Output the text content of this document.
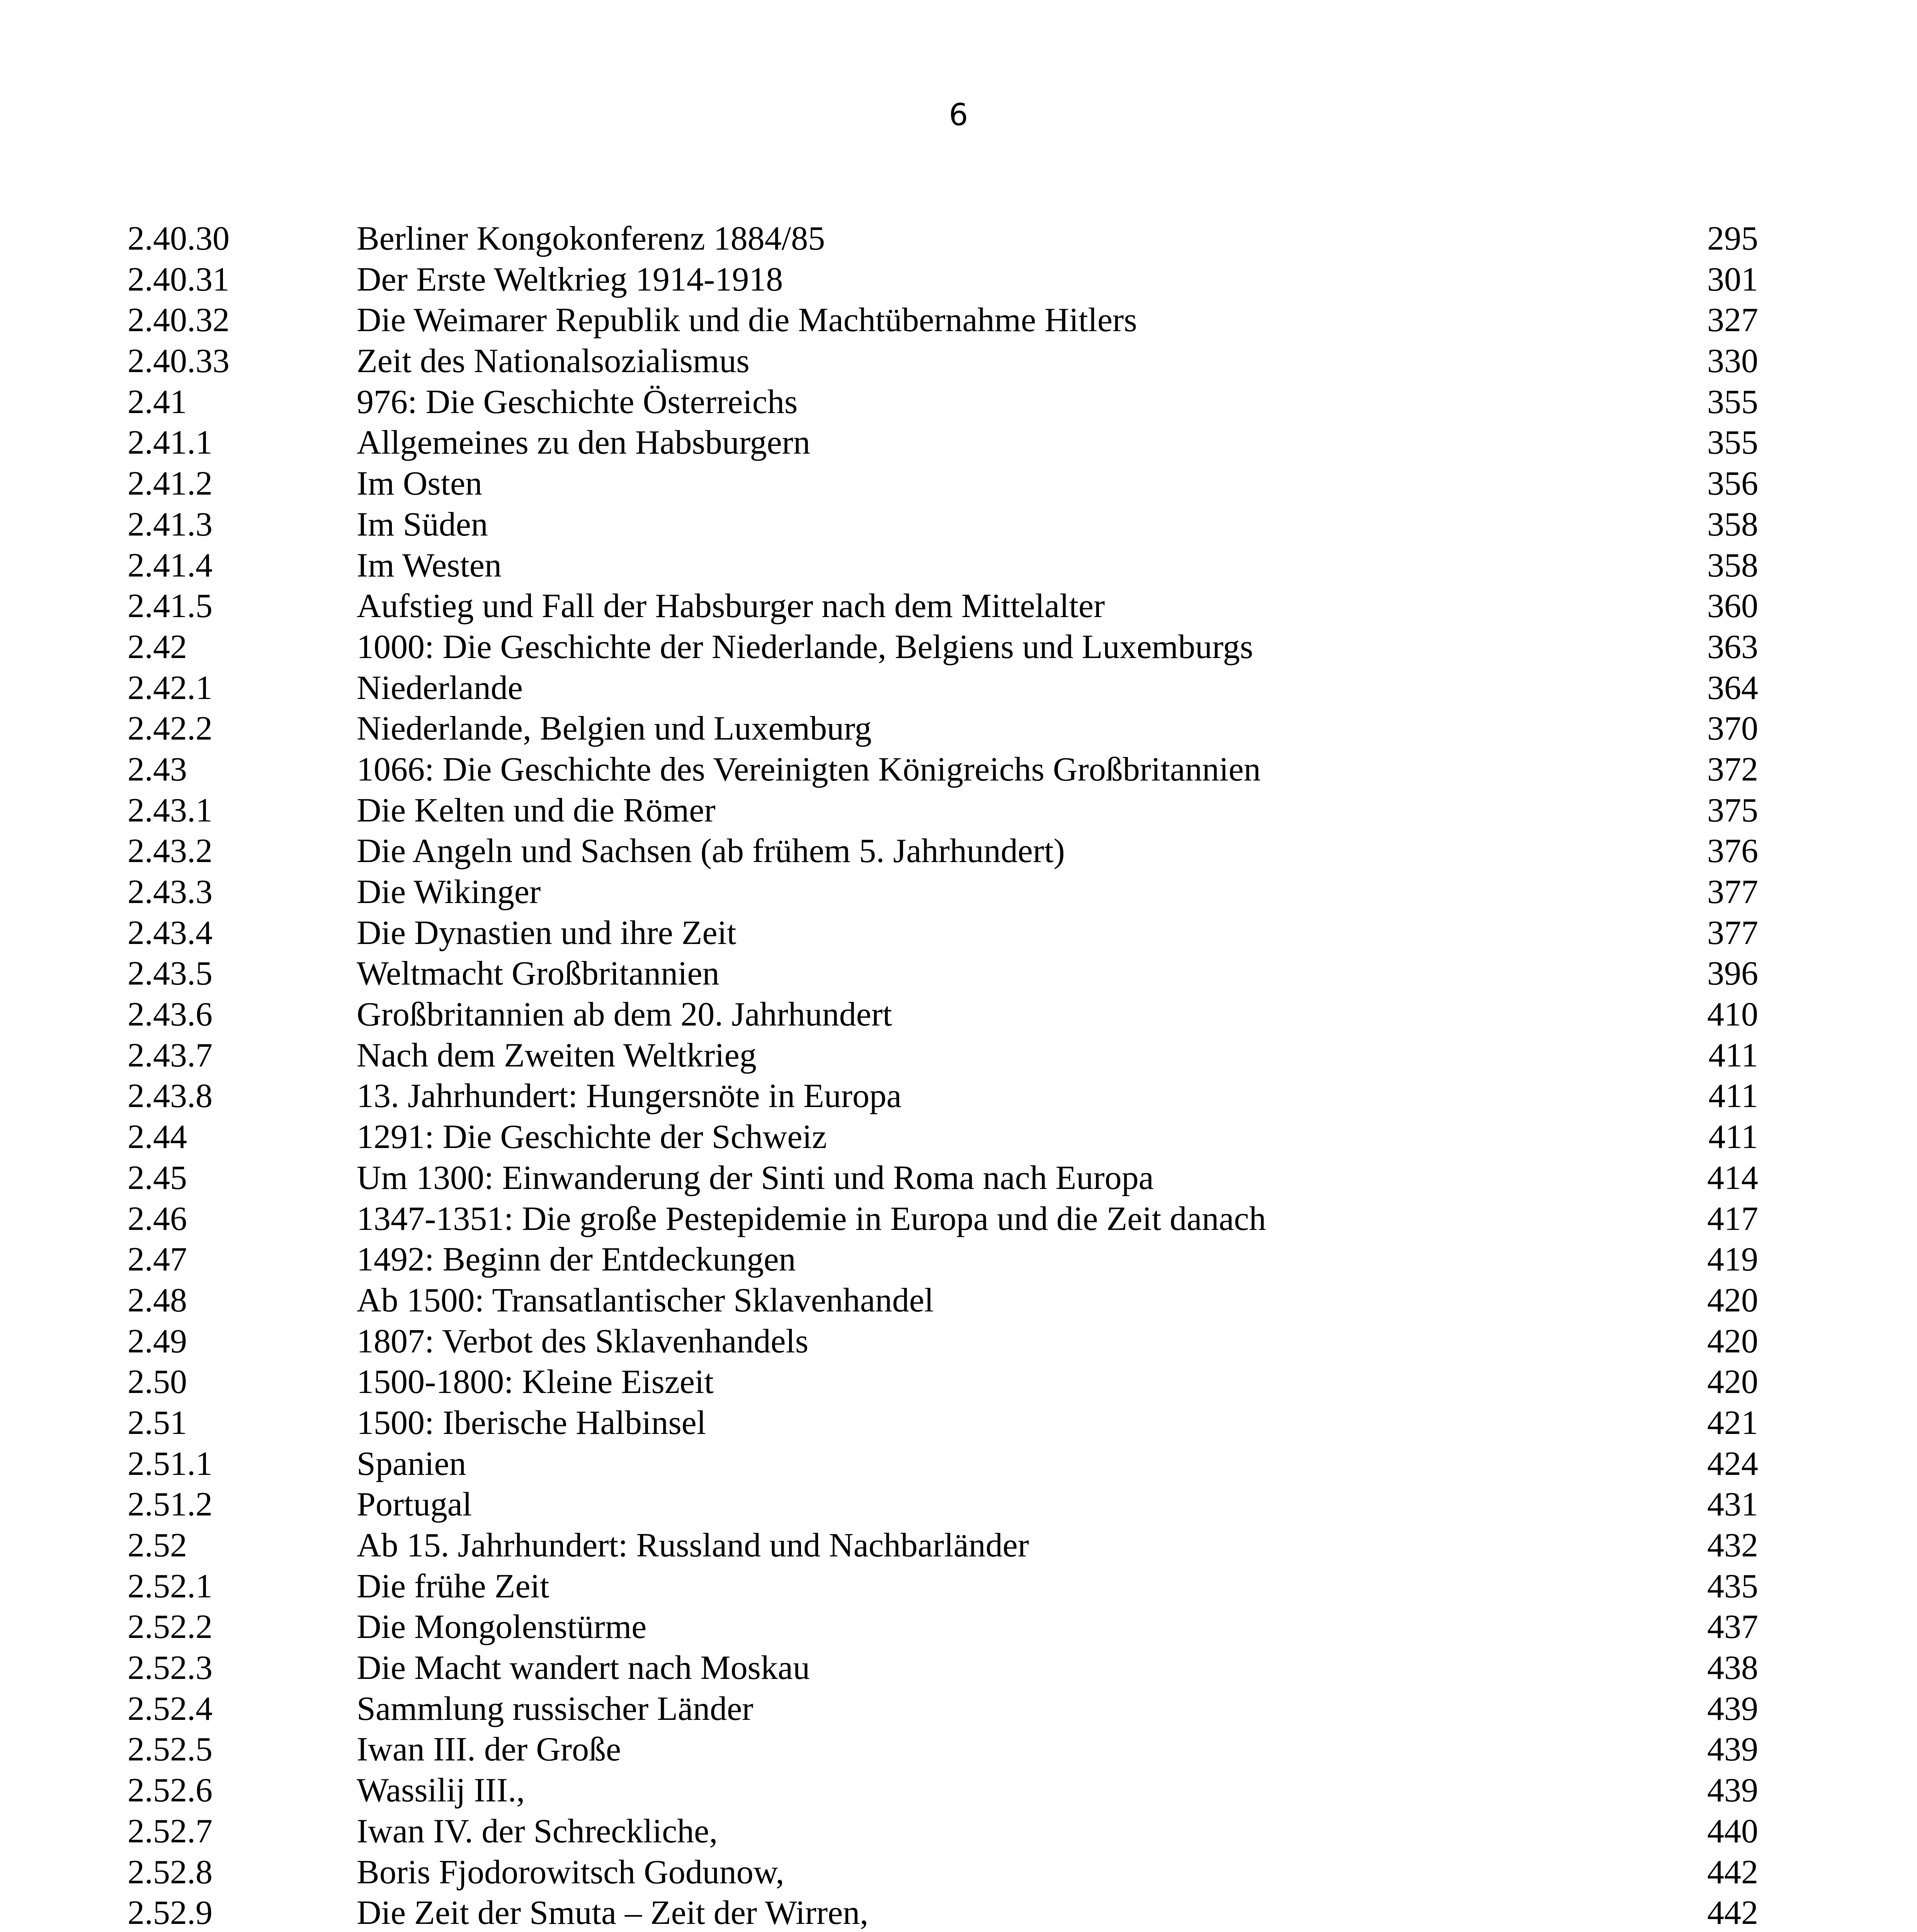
6
2.40.30	Berliner Kongokonferenz 1884/85	295
2.40.31	Der Erste Weltkrieg 1914-1918	301
2.40.32	Die Weimarer Republik und die Machtübernahme Hitlers	327
2.40.33	Zeit des Nationalsozialismus	330
2.41	976: Die Geschichte Österreichs	355
2.41.1	Allgemeines zu den Habsburgern	355
2.41.2	Im Osten	356
2.41.3	Im Süden	358
2.41.4	Im Westen	358
2.41.5	Aufstieg und Fall der Habsburger nach dem Mittelalter	360
2.42	1000: Die Geschichte der Niederlande, Belgiens und Luxemburgs	363
2.42.1	Niederlande	364
2.42.2	Niederlande, Belgien und Luxemburg	370
2.43	1066: Die Geschichte des Vereinigten Königreichs Großbritannien	372
2.43.1	Die Kelten und die Römer	375
2.43.2	Die Angeln und Sachsen (ab frühem 5. Jahrhundert)	376
2.43.3	Die Wikinger	377
2.43.4	Die Dynastien und ihre Zeit	377
2.43.5	Weltmacht Großbritannien	396
2.43.6	Großbritannien ab dem 20. Jahrhundert	410
2.43.7	Nach dem Zweiten Weltkrieg	411
2.43.8	13. Jahrhundert: Hungersnöte in Europa	411
2.44	1291: Die Geschichte der Schweiz	411
2.45	Um 1300: Einwanderung der Sinti und Roma nach Europa	414
2.46	1347-1351: Die große Pestepidemie in Europa und die Zeit danach	417
2.47	1492: Beginn der Entdeckungen	419
2.48	Ab 1500: Transatlantischer Sklavenhandel	420
2.49	1807: Verbot des Sklavenhandels	420
2.50	1500-1800: Kleine Eiszeit	420
2.51	1500: Iberische Halbinsel	421
2.51.1	Spanien	424
2.51.2	Portugal	431
2.52	Ab 15. Jahrhundert: Russland und Nachbarländer	432
2.52.1	Die frühe Zeit	435
2.52.2	Die Mongolenstürme	437
2.52.3	Die Macht wandert nach Moskau	438
2.52.4	Sammlung russischer Länder	439
2.52.5	Iwan III. der Große	439
2.52.6	Wassilij III.,	439
2.52.7	Iwan IV. der Schreckliche,	440
2.52.8	Boris Fjodorowitsch Godunow,	442
2.52.9	Die Zeit der Smuta – Zeit der Wirren,	442
